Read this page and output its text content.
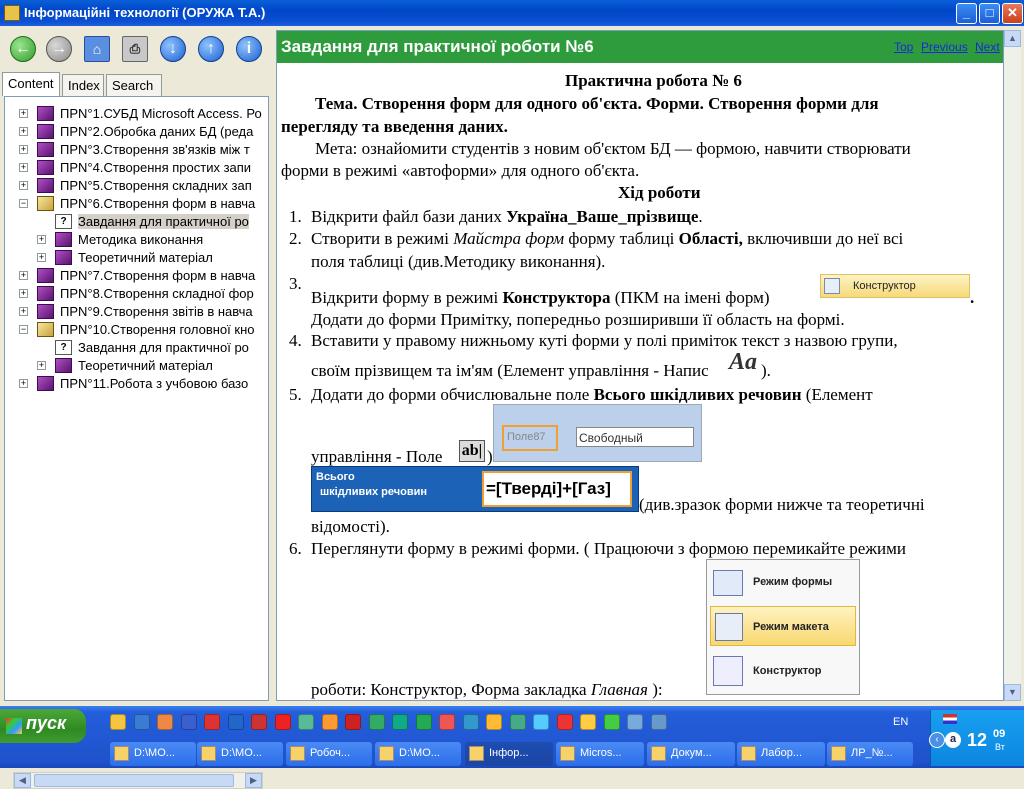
Інформаційні технології (ОРУЖА Т.А.)	_	□	✕
← →	⌂	⎙	↓	↑	i
Content	Index Search
+	ПРN°1.СУБД Microsoft Access. Ро
+	ПРN°2.Обробка даних БД (реда
+	ПРN°3.Створення зв'язків між т
+	ПРN°4.Створення простих запи
+	ПРN°5.Створення складних зап
−	ПРN°6.Створення форм в навча
? Завдання для практичної ро
+	Методика виконання
+	Теоретичний матеріал
+	ПРN°7.Створення форм в навча
+	ПРN°8.Створення складної фор
+	ПРN°9.Створення звітів в навча
−	ПРN°10.Створення головної кно
? Завдання для практичної ро
+	Теоретичний матеріал
+	ПРN°11.Робота з учбовою базо
◀	▶
Завдання для практичної роботи №6	Top Previous Next
Практична робота № 6
Тема. Створення форм для одного об'єкта. Форми. Створення форми для
перегляду та введення даних.
Мета: ознайомити студентів з новим об'єктом БД — формою, навчити створювати
форми в режимі «автоформи» для одного об'єкта.
Хід роботи
1. Відкрити файл бази даних Україна_Ваше_прізвище.
2. Створити в режимі Майстра форм форму таблиці Області, включивши до неї всі
поля таблиці (див.Методику виконання).
3.
Відкрити форму в режимі Конструктора (ПКМ на імені форм)
Конструктор
.
Додати до форми Примітку, попередньо розширивши її область на формі.
4. Вставити у правому нижньому куті форми у полі приміток текст з назвою групи,
своїм прізвищем та ім'ям (Елемент управління - Напис Aa ).
5. Додати до форми обчислювальне поле Всього шкідливих речовин (Елемент
управління - Поле ab| )
Поле87	Свободный
Всього
шкідливих речовин	=[Тверді]+[Газ]
(див.зразок форми нижче та теоретичні
відомості).
6. Переглянути форму в режимі форми. ( Працюючи з формою перемикайте режими
Режим формы
Режим макета
Конструктор
роботи: Конструктор, Форма закладка Главная ):
▲
▼
пуск
D:\MO...	D:\MO...	Робоч...	D:\MO...	Інфор...	Micros...	Докум...	Лабор...	ЛР_№...
EN
‹	a 12 09
Вт
